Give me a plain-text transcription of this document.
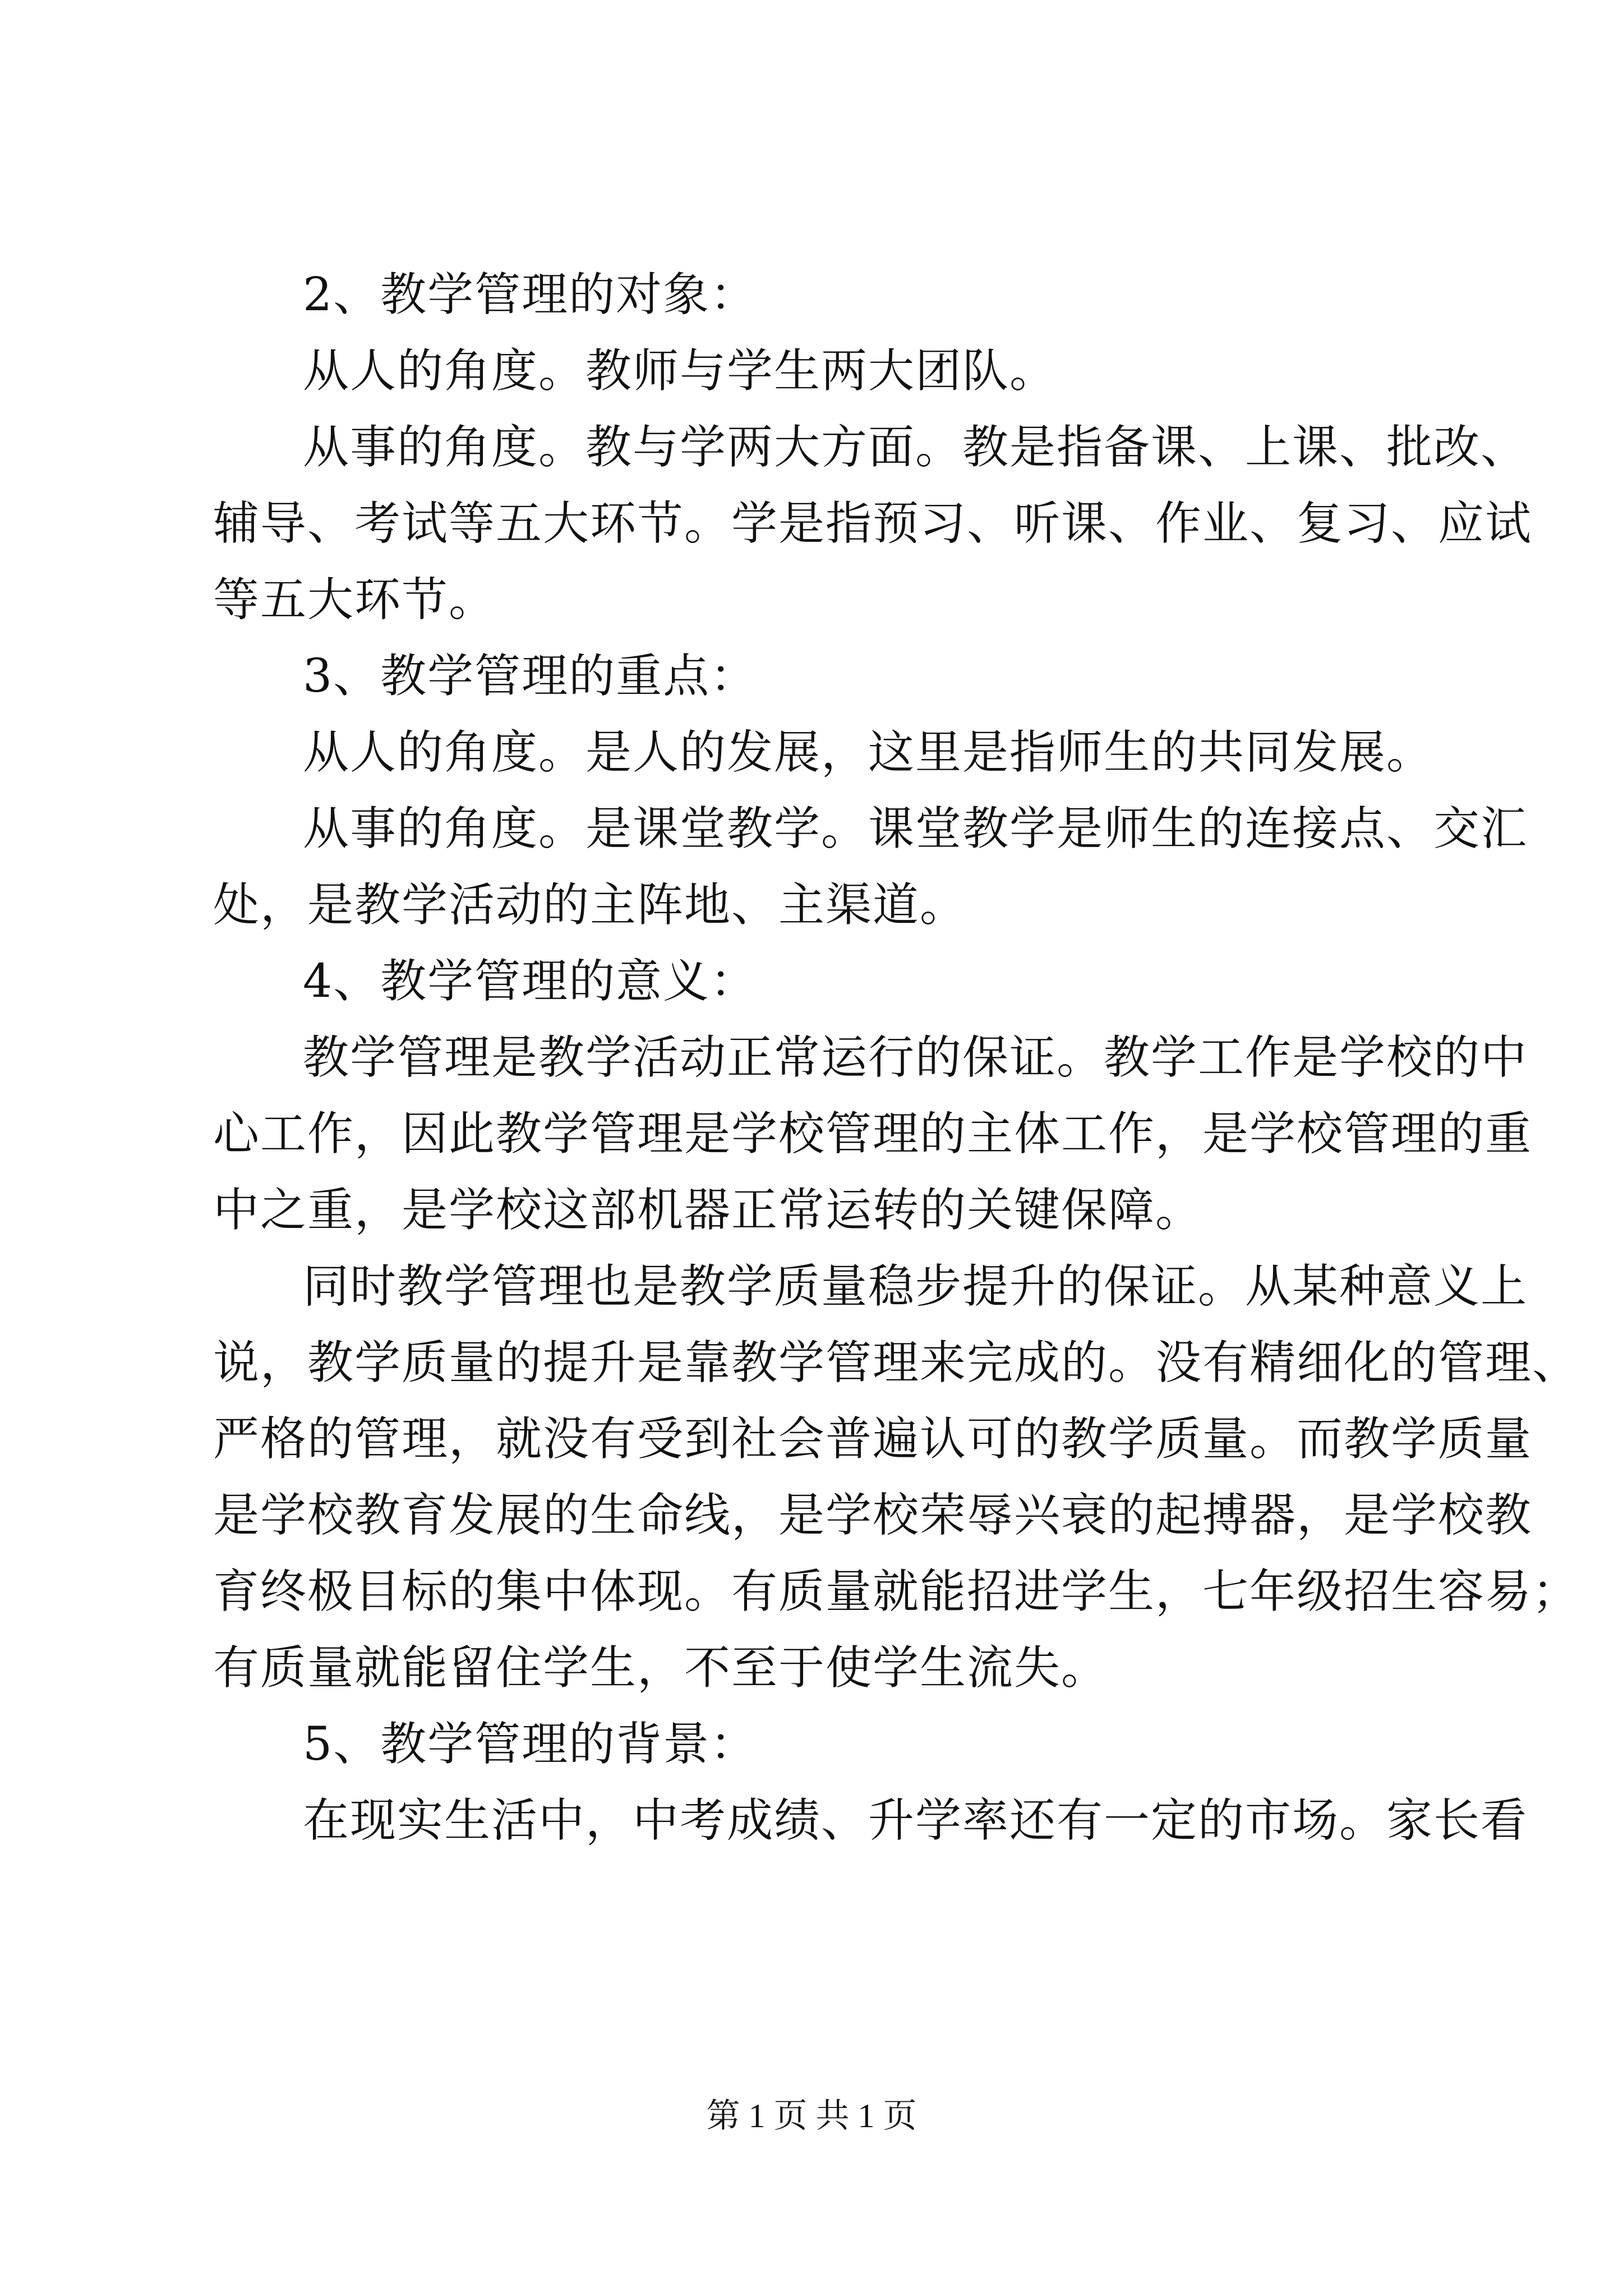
2、教学管理的对象：
从人的角度。教师与学生两大团队。
从事的角度。教与学两大方面。教是指备课、上课、批改、
辅导、考试等五大环节。学是指预习、听课、作业、复习、应试
等五大环节。
3、教学管理的重点：
从人的角度。是人的发展，这里是指师生的共同发展。
从事的角度。是课堂教学。课堂教学是师生的连接点、交汇
处，是教学活动的主阵地、主渠道。
4、教学管理的意义：
教学管理是教学活动正常运行的保证。教学工作是学校的中
心工作，因此教学管理是学校管理的主体工作，是学校管理的重
中之重，是学校这部机器正常运转的关键保障。
同时教学管理也是教学质量稳步提升的保证。从某种意义上
说，教学质量的提升是靠教学管理来完成的。没有精细化的管理、
严格的管理，就没有受到社会普遍认可的教学质量。而教学质量
是学校教育发展的生命线，是学校荣辱兴衰的起搏器，是学校教
育终极目标的集中体现。有质量就能招进学生，七年级招生容易；
有质量就能留住学生，不至于使学生流失。
5、教学管理的背景：
在现实生活中，中考成绩、升学率还有一定的市场。家长看
第 1 页 共 1 页
